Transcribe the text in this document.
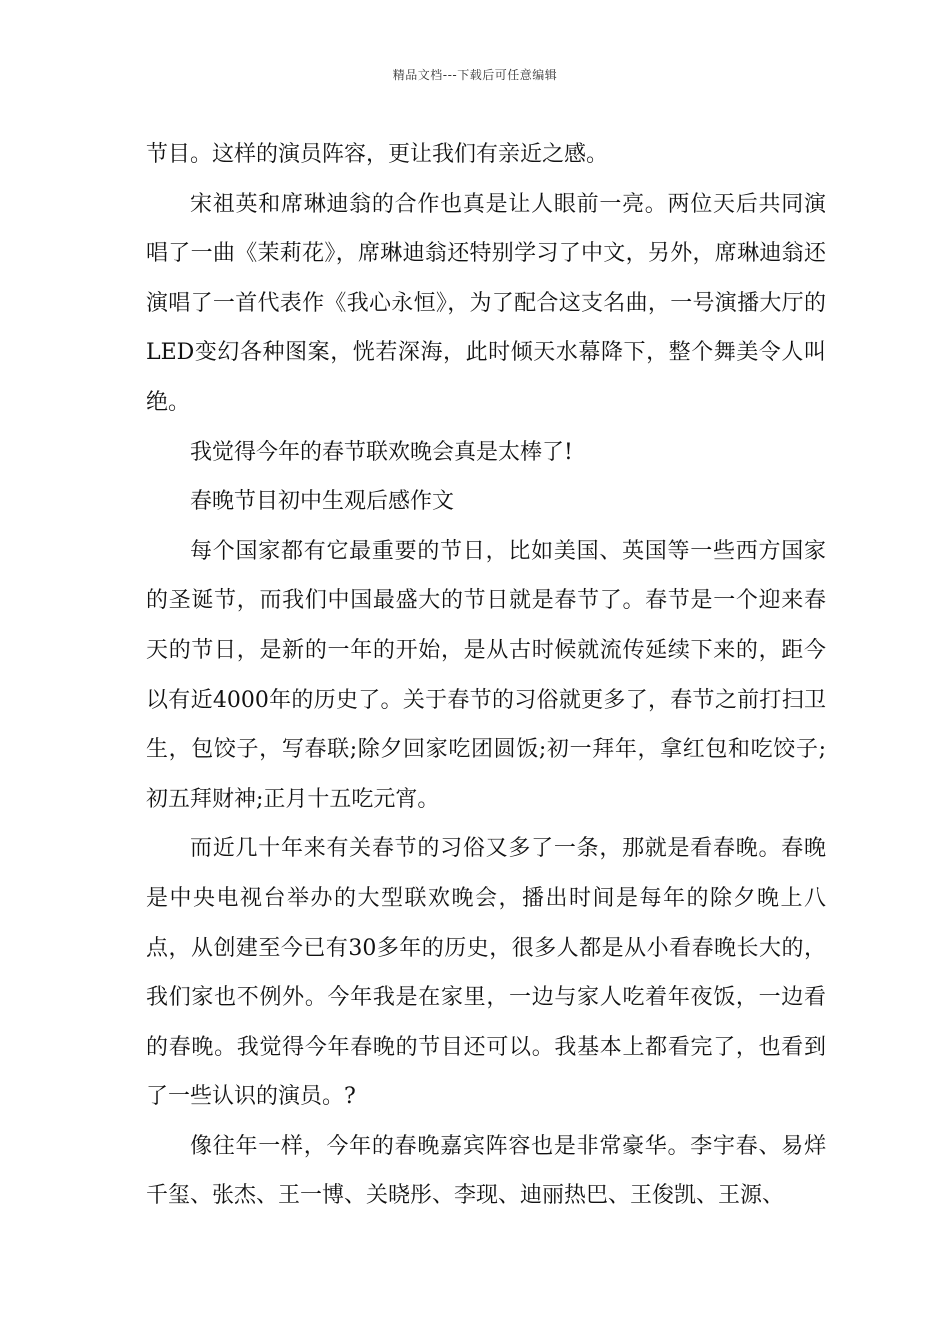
精品文档---下载后可任意编辑

节目。这样的演员阵容，更让我们有亲近之感。

宋祖英和席琳迪翁的合作也真是让人眼前一亮。两位天后共同演唱了一曲《茉莉花》，席琳迪翁还特别学习了中文，另外，席琳迪翁还演唱了一首代表作《我心永恒》，为了配合这支名曲，一号演播大厅的LED变幻各种图案，恍若深海，此时倾天水幕降下，整个舞美令人叫绝。

我觉得今年的春节联欢晚会真是太棒了!

春晚节目初中生观后感作文

每个国家都有它最重要的节日，比如美国、英国等一些西方国家的圣诞节，而我们中国最盛大的节日就是春节了。春节是一个迎来春天的节日，是新的一年的开始，是从古时候就流传延续下来的，距今以有近4000年的历史了。关于春节的习俗就更多了，春节之前打扫卫生，包饺子，写春联;除夕回家吃团圆饭;初一拜年，拿红包和吃饺子;初五拜财神;正月十五吃元宵。

而近几十年来有关春节的习俗又多了一条，那就是看春晚。春晚是中央电视台举办的大型联欢晚会，播出时间是每年的除夕晚上八点，从创建至今已有30多年的历史，很多人都是从小看春晚长大的，我们家也不例外。今年我是在家里，一边与家人吃着年夜饭，一边看的春晚。我觉得今年春晚的节目还可以。我基本上都看完了，也看到了一些认识的演员。?

像往年一样，今年的春晚嘉宾阵容也是非常豪华。李宇春、易烊千玺、张杰、王一博、关晓彤、李现、迪丽热巴、王俊凯、王源、
